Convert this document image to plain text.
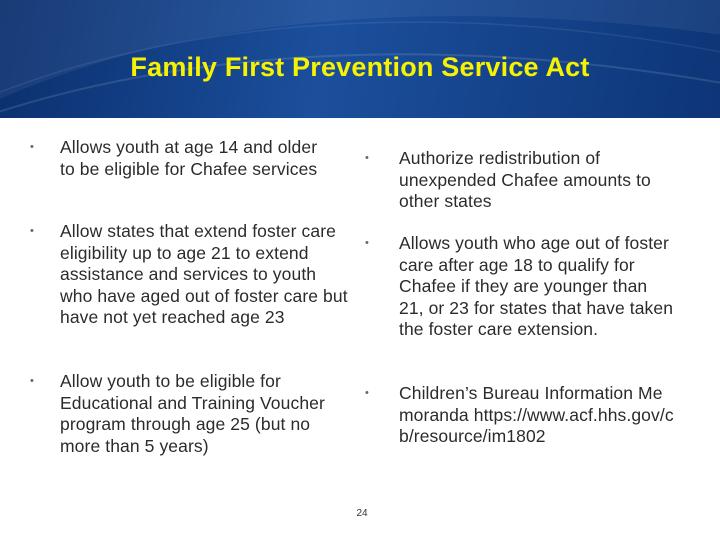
Family First Prevention Service Act
•	Allows youth at age 14 and older to be eligible for Chafee services
•	Allow states that extend foster care eligibility up to age 21 to extend assistance and services to youth who have aged out of foster care but have not yet reached age 23
•	Allow youth to be eligible for Educational and Training Voucher program through age 25 (but no more than 5 years)
•	Authorize redistribution of unexpended Chafee amounts to other states
•	Allows youth who age out of foster care after age 18 to qualify for Chafee if they are younger than 21, or 23 for states that have taken the foster care extension.
•	Children’s Bureau Information Memoranda https://www.acf.hhs.gov/cb/resource/im1802
24
